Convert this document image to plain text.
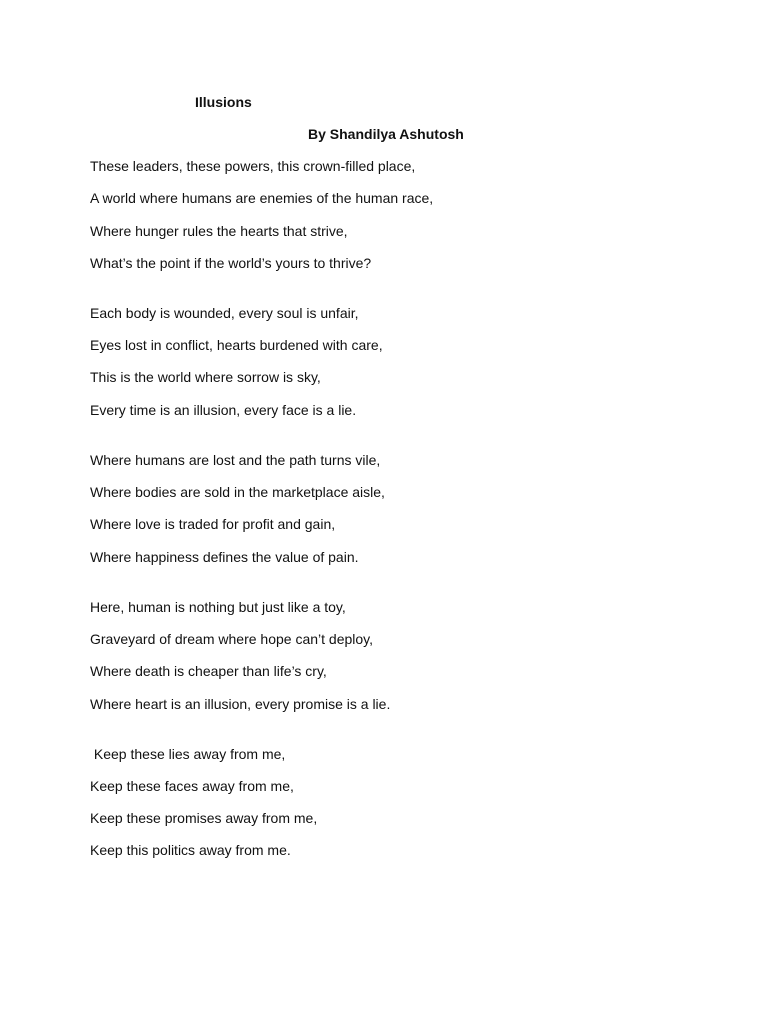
Illusions
By Shandilya Ashutosh
These leaders, these powers, this crown-filled place,
A world where humans are enemies of the human race,
Where hunger rules the hearts that strive,
What’s the point if the world’s yours to thrive?
Each body is wounded, every soul is unfair,
Eyes lost in conflict, hearts burdened with care,
This is the world where sorrow is sky,
Every time is an illusion, every face is a lie.
Where humans are lost and the path turns vile,
Where bodies are sold in the marketplace aisle,
Where love is traded for profit and gain,
Where happiness defines the value of pain.
Here, human is nothing but just like a toy,
Graveyard of dream where hope can’t deploy,
Where death is cheaper than life’s cry,
Where heart is an illusion, every promise is a lie.
Keep these lies away from me,
Keep these faces away from me,
Keep these promises away from me,
Keep this politics away from me.
